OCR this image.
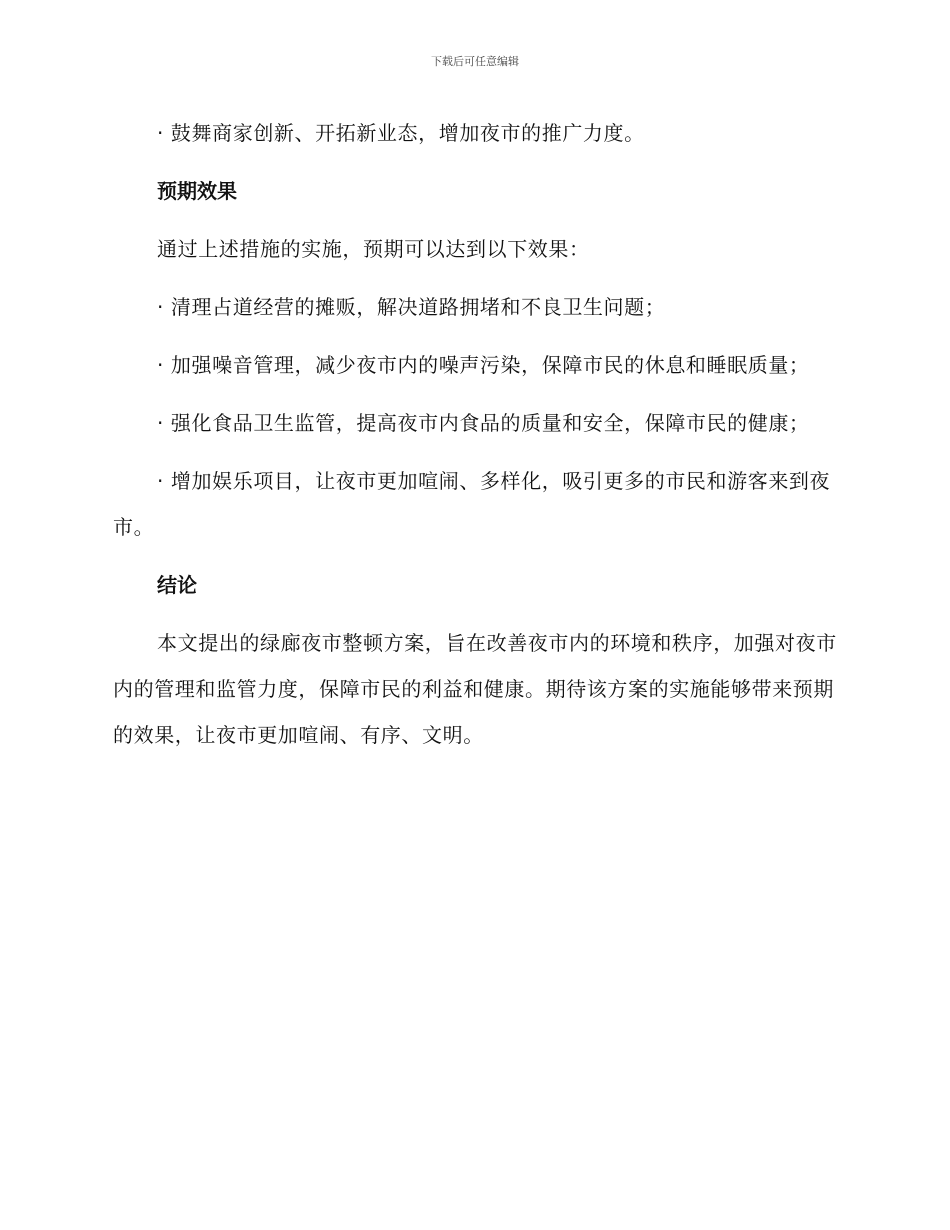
下载后可任意编辑

· 鼓舞商家创新、开拓新业态，增加夜市的推广力度。

预期效果

通过上述措施的实施，预期可以达到以下效果：

· 清理占道经营的摊贩，解决道路拥堵和不良卫生问题；

· 加强噪音管理，减少夜市内的噪声污染，保障市民的休息和睡眠质量；

· 强化食品卫生监管，提高夜市内食品的质量和安全，保障市民的健康；

· 增加娱乐项目，让夜市更加喧闹、多样化，吸引更多的市民和游客来到夜市。

结论

本文提出的绿廊夜市整顿方案，旨在改善夜市内的环境和秩序，加强对夜市内的管理和监管力度，保障市民的利益和健康。期待该方案的实施能够带来预期的效果，让夜市更加喧闹、有序、文明。
